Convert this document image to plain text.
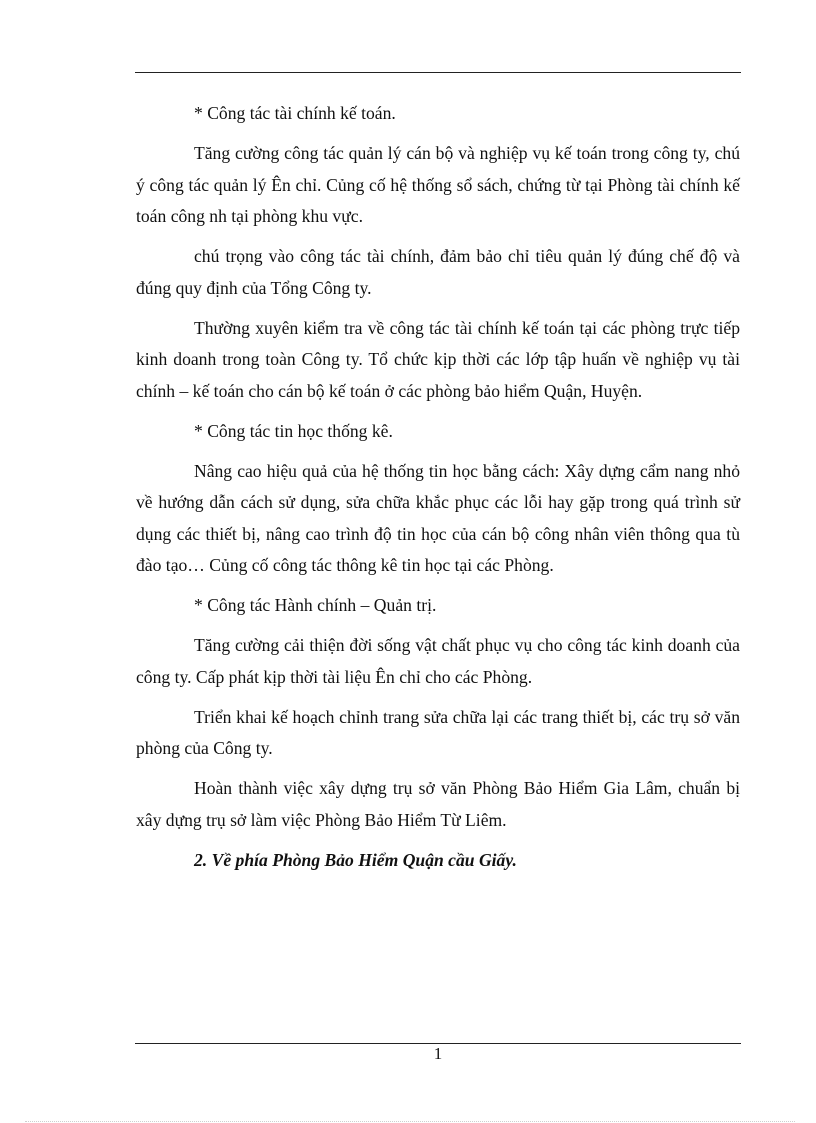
* Công tác tài chính kế toán.

Tăng cường công tác quản lý cán bộ và nghiệp vụ kế toán trong công ty, chú ý công tác quản lý Ên chỉ. Củng cố hệ thống sổ sách, chứng từ tại Phòng tài chính kế toán công nh tại phòng khu vực.

chú trọng vào công tác tài chính, đảm bảo chỉ tiêu quản lý đúng chế độ và đúng quy định của Tổng Công ty.

Thường xuyên kiểm tra về công tác tài chính kế toán tại các phòng trực tiếp kinh doanh trong toàn Công ty. Tổ chức kịp thời các lớp tập huấn về nghiệp vụ tài chính – kế toán cho cán bộ kế toán ở các phòng bảo hiểm Quận, Huyện.

* Công tác tin học thống kê.

Nâng cao hiệu quả của hệ thống tin học bằng cách: Xây dựng cẩm nang nhỏ về hướng dẫn cách sử dụng, sửa chữa khắc phục các lỗi hay gặp trong quá trình sử dụng các thiết bị, nâng cao trình độ tin học của cán bộ công nhân viên thông qua tù đào tạo… Củng cố công tác thông kê tin học tại các Phòng.

* Công tác Hành chính – Quản trị.

Tăng cường cải thiện đời sống vật chất phục vụ cho công tác kinh doanh của công ty. Cấp phát kịp thời tài liệu Ên chỉ cho các Phòng.

Triển khai kế hoạch chỉnh trang sửa chữa lại các trang thiết bị, các trụ sở văn phòng của Công ty.

Hoàn thành việc xây dựng trụ sở văn Phòng Bảo Hiểm Gia Lâm, chuẩn bị xây dựng trụ sở làm việc Phòng Bảo Hiểm Từ Liêm.

2. Về phía Phòng Bảo Hiểm Quận cầu Giấy.

1
